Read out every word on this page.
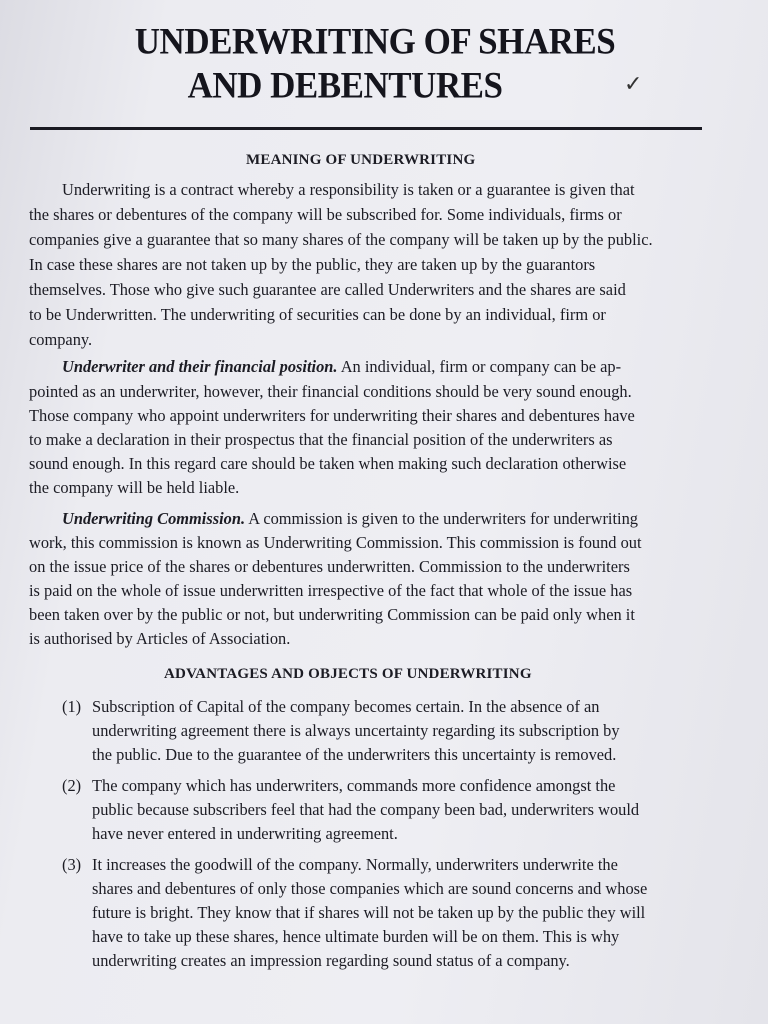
UNDERWRITING OF SHARES
AND DEBENTURES	✓
MEANING OF UNDERWRITING
Underwriting is a contract whereby a responsibility is taken or a guarantee is given that
the shares or debentures of the company will be subscribed for. Some individuals, firms or
companies give a guarantee that so many shares of the company will be taken up by the public.
In case these shares are not taken up by the public, they are taken up by the guarantors
themselves. Those who give such guarantee are called Underwriters and the shares are said
to be Underwritten. The underwriting of securities can be done by an individual, firm or
company.
Underwriter and their financial position. An individual, firm or company can be ap-
pointed as an underwriter, however, their financial conditions should be very sound enough.
Those company who appoint underwriters for underwriting their shares and debentures have
to make a declaration in their prospectus that the financial position of the underwriters as
sound enough. In this regard care should be taken when making such declaration otherwise
the company will be held liable.
Underwriting Commission. A commission is given to the underwriters for underwriting
work, this commission is known as Underwriting Commission. This commission is found out
on the issue price of the shares or debentures underwritten. Commission to the underwriters
is paid on the whole of issue underwritten irrespective of the fact that whole of the issue has
been taken over by the public or not, but underwriting Commission can be paid only when it
is authorised by Articles of Association.
ADVANTAGES AND OBJECTS OF UNDERWRITING
(1) Subscription of Capital of the company becomes certain. In the absence of an
underwriting agreement there is always uncertainty regarding its subscription by
the public. Due to the guarantee of the underwriters this uncertainty is removed.
(2) The company which has underwriters, commands more confidence amongst the
public because subscribers feel that had the company been bad, underwriters would
have never entered in underwriting agreement.
(3) It increases the goodwill of the company. Normally, underwriters underwrite the
shares and debentures of only those companies which are sound concerns and whose
future is bright. They know that if shares will not be taken up by the public they will
have to take up these shares, hence ultimate burden will be on them. This is why
underwriting creates an impression regarding sound status of a company.
